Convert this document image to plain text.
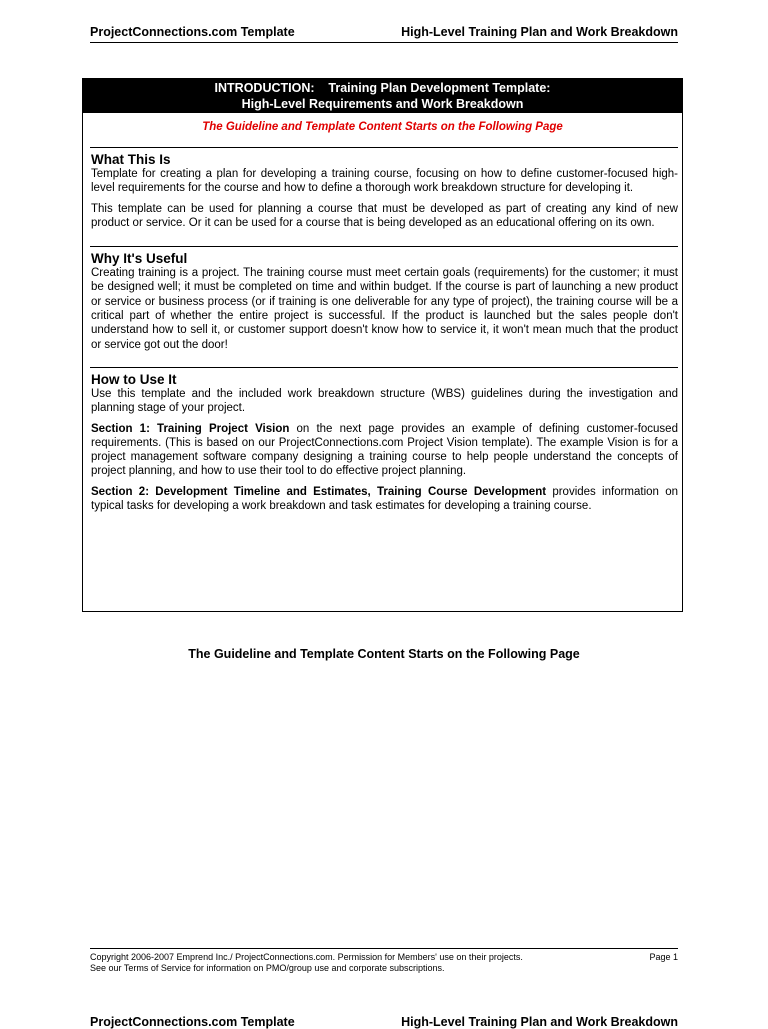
ProjectConnections.com Template	High-Level Training Plan and Work Breakdown
INTRODUCTION:    Training Plan Development Template:
High-Level Requirements and Work Breakdown
The Guideline and Template Content Starts on the Following Page
What This Is

Template for creating a plan for developing a training course, focusing on how to define customer-focused high-level requirements for the course and how to define a thorough work breakdown structure for developing it.

This template can be used for planning a course that must be developed as part of creating any kind of new product or service. Or it can be used for a course that is being developed as an educational offering on its own.

Why It's Useful

Creating training is a project. The training course must meet certain goals (requirements) for the customer; it must be designed well; it must be completed on time and within budget. If the course is part of launching a new product or service or business process (or if training is one deliverable for any type of project), the training course will be a critical part of whether the entire project is successful. If the product is launched but the sales people don't understand how to sell it, or customer support doesn't know how to service it, it won't mean much that the product or service got out the door!

How to Use It

Use this template and the included work breakdown structure (WBS) guidelines during the investigation and planning stage of your project.

Section 1: Training Project Vision on the next page provides an example of defining customer-focused requirements. (This is based on our ProjectConnections.com Project Vision template). The example Vision is for a project management software company designing a training course to help people understand the concepts of project planning, and how to use their tool to do effective project planning.

Section 2: Development Timeline and Estimates, Training Course Development provides information on typical tasks for developing a work breakdown and task estimates for developing a training course.

The Guideline and Template Content Starts on the Following Page
Copyright 2006-2007 Emprend Inc./ ProjectConnections.com. Permission for Members' use on their projects.
See our Terms of Service for information on PMO/group use and corporate subscriptions.
Page 1
ProjectConnections.com Template	High-Level Training Plan and Work Breakdown
